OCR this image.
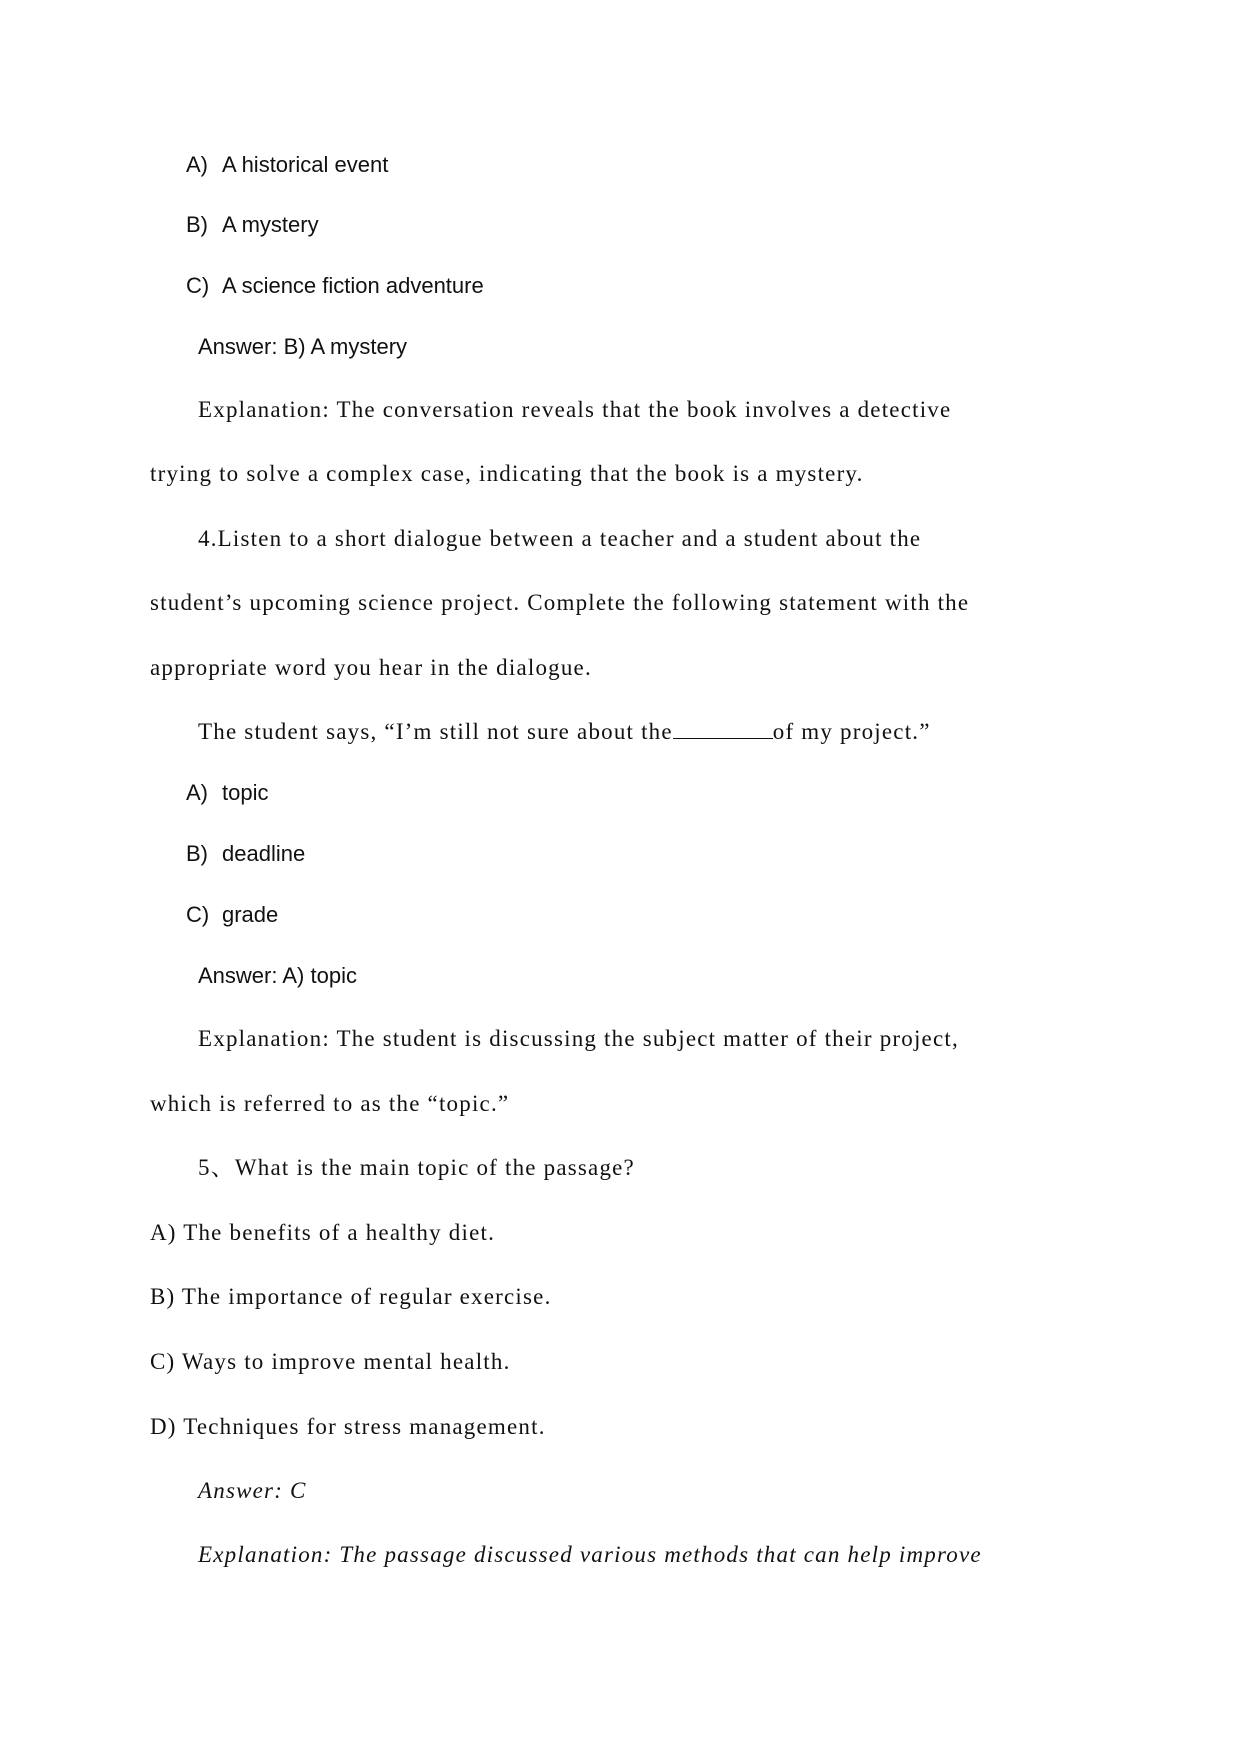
A) A historical event
B) A mystery
C) A science fiction adventure
Answer: B) A mystery
Explanation: The conversation reveals that the book involves a detective
trying to solve a complex case, indicating that the book is a mystery.
4.Listen to a short dialogue between a teacher and a student about the
student’s upcoming science project. Complete the following statement with the
appropriate word you hear in the dialogue.
The student says, “I’m still not sure about the	of my project.”
A) topic
B) deadline
C) grade
Answer: A) topic
Explanation: The student is discussing the subject matter of their project,
which is referred to as the “topic.”
5、What is the main topic of the passage?
A) The benefits of a healthy diet.
B) The importance of regular exercise.
C) Ways to improve mental health.
D) Techniques for stress management.
Answer: C
Explanation: The passage discussed various methods that can help improve
